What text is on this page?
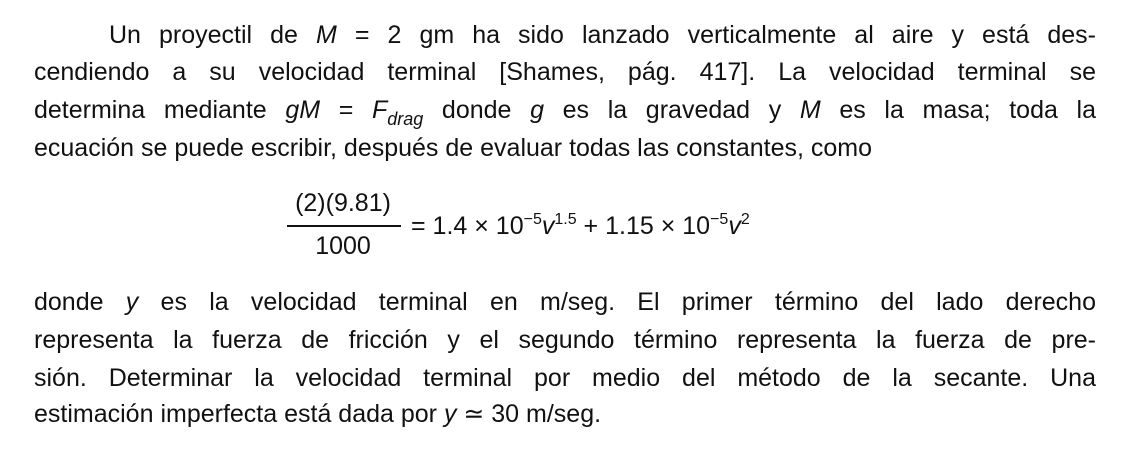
Un proyectil de M = 2 gm ha sido lanzado verticalmente al aire y está des-
cendiendo a su velocidad terminal [Shames, pág. 417]. La velocidad terminal se
determina mediante gM = $F_{drag}$ donde g es la gravedad y M es la masa; toda la
ecuación se puede escribir, después de evaluar todas las constantes, como
(2)(9.81)
1000
= $1.4 \times 10^{-5}v^{1.5} + 1.15 \times 10^{-5}v^2$
donde y es la velocidad terminal en m/seg. El primer término del lado derecho
representa la fuerza de fricción y el segundo término representa la fuerza de pre-
sión. Determinar la velocidad terminal por medio del método de la secante. Una
estimación imperfecta está dada por y ≃ 30 m/seg.
